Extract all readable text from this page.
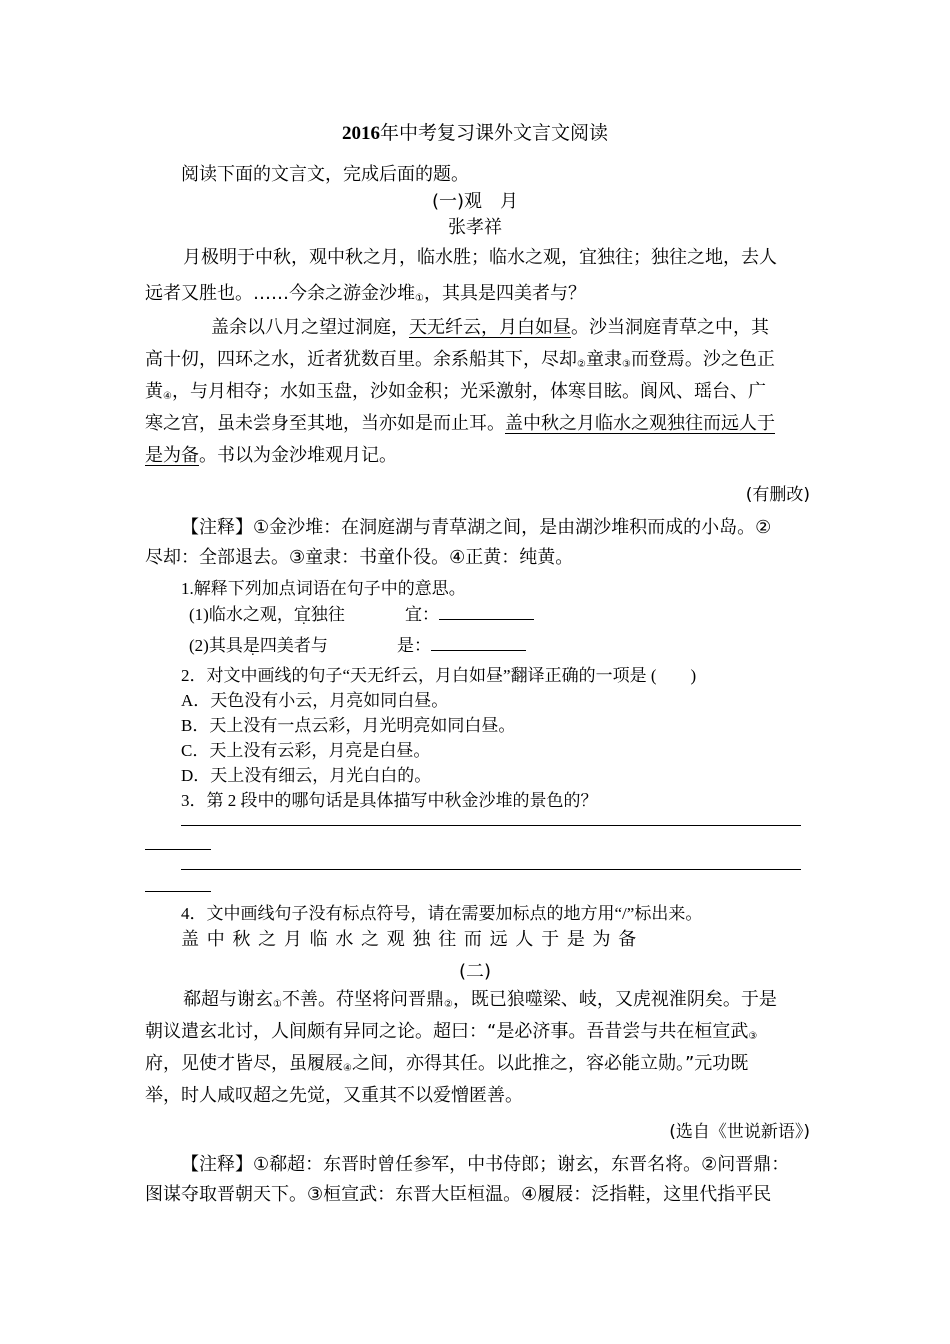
2016年中考复习课外文言文阅读
阅读下面的文言文，完成后面的题。
(一)观　月
张孝祥
月极明于中秋，观中秋之月，临水胜；临水之观，宜独往；独往之地，去人
远者又胜也。……今余之游金沙堆$_①$，其具是四美者与？
盖余以八月之望过洞庭，天无纤云，月白如昼。沙当洞庭青草之中，其
高十仞，四环之水，近者犹数百里。余系船其下，尽却$_②$童隶$_③$而登焉。沙之色正
黄$_④$，与月相夺；水如玉盘，沙如金积；光采激射，体寒目眩。阆风、瑶台、广
寒之宫，虽未尝身至其地，当亦如是而止耳。盖中秋之月临水之观独往而远人于
是为备。书以为金沙堆观月记。
(有删改)
【注释】①金沙堆：在洞庭湖与青草湖之间，是由湖沙堆积而成的小岛。②
尽却：全部退去。③童隶：书童仆役。④正黄：纯黄。
1.解释下列加点词语在句子中的意思。
(1)临水之观，宜独往	宜：
(2)其具是四美者与	是：
2．对文中画线的句子“天无纤云，月白如昼”翻译正确的一项是 (　　)
A．天色没有小云，月亮如同白昼。
B．天上没有一点云彩，月光明亮如同白昼。
C．天上没有云彩，月亮是白昼。
D．天上没有细云，月光白白的。
3．第 2 段中的哪句话是具体描写中秋金沙堆的景色的？
4．文中画线句子没有标点符号，请在需要加标点的地方用“/”标出来。
盖 中 秋 之 月 临 水 之 观 独 往 而 远 人 于 是 为 备
(二)
郗超与谢玄$_①$不善。苻坚将问晋鼎$_②$，既已狼噬梁、岐，又虎视淮阴矣。于是
朝议遣玄北讨，人间颇有异同之论。超曰：“是必济事。吾昔尝与共在桓宣武$_③$
府，见使才皆尽，虽履屐$_④$之间，亦得其任。以此推之，容必能立勋。”元功既
举，时人咸叹超之先觉，又重其不以爱憎匿善。
(选自《世说新语》)
【注释】①郗超：东晋时曾任参军，中书侍郎；谢玄，东晋名将。②问晋鼎：
图谋夺取晋朝天下。③桓宣武：东晋大臣桓温。④履屐：泛指鞋，这里代指平民
